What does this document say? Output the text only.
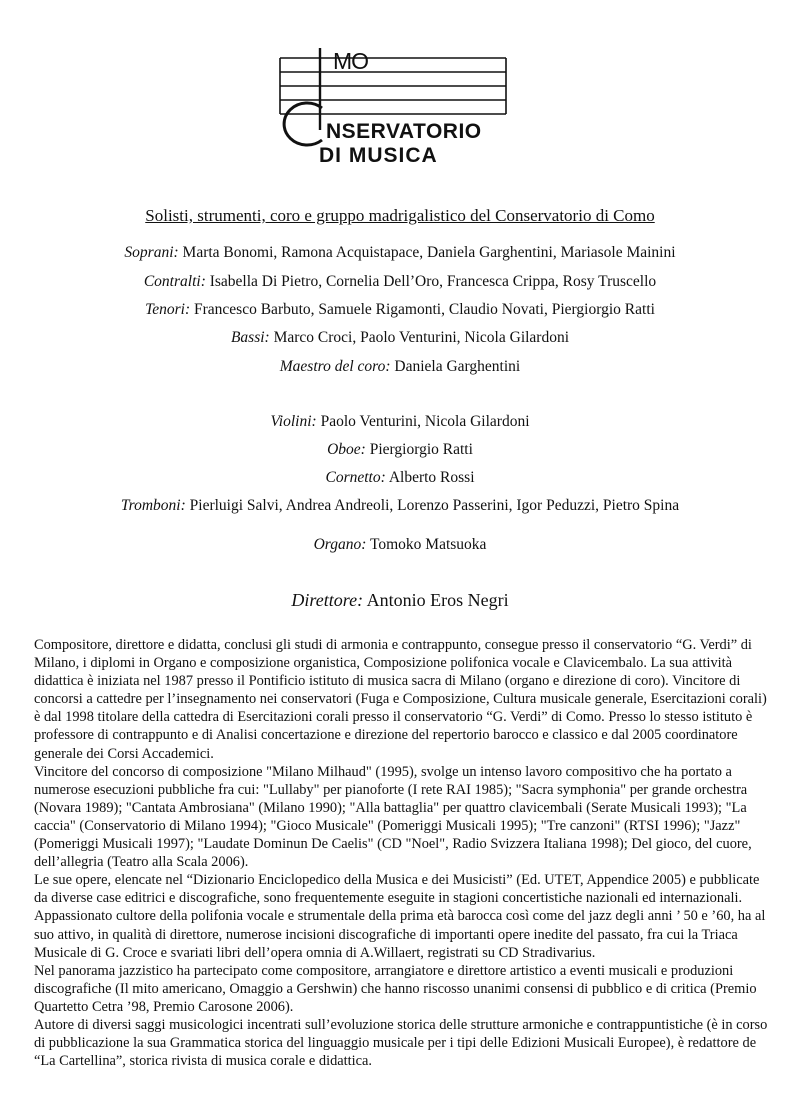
MO
NSERVATORIO
DI MUSICA
Solisti, strumenti, coro e gruppo madrigalistico del Conservatorio di Como
Soprani: Marta Bonomi, Ramona Acquistapace, Daniela Garghentini, Mariasole Mainini
Contralti: Isabella Di Pietro, Cornelia Dell’Oro, Francesca Crippa, Rosy Truscello
Tenori: Francesco Barbuto, Samuele Rigamonti, Claudio Novati, Piergiorgio Ratti
Bassi: Marco Croci, Paolo Venturini, Nicola Gilardoni
Maestro del coro: Daniela Garghentini
Violini: Paolo Venturini, Nicola Gilardoni
Oboe: Piergiorgio Ratti
Cornetto: Alberto Rossi
Tromboni: Pierluigi Salvi, Andrea Andreoli, Lorenzo Passerini, Igor Peduzzi, Pietro Spina
Organo: Tomoko Matsuoka
Direttore: Antonio Eros Negri

Compositore, direttore e didatta, conclusi gli studi di armonia e contrappunto, consegue presso il conservatorio “G. Verdi” di Milano, i diplomi in Organo e composizione organistica, Composizione polifonica vocale e Clavicembalo. La sua attività didattica è iniziata nel 1987 presso il Pontificio istituto di musica sacra di Milano (organo e direzione di coro). Vincitore di concorsi a cattedre per l’insegnamento nei conservatori (Fuga e Composizione, Cultura musicale generale, Esercitazioni corali) è dal 1998 titolare della cattedra di Esercitazioni corali presso il conservatorio “G. Verdi” di Como. Presso lo stesso istituto è professore di contrappunto e di Analisi concertazione e direzione del repertorio barocco e classico e dal 2005 coordinatore generale dei Corsi Accademici.

Vincitore del concorso di composizione "Milano Milhaud" (1995), svolge un intenso lavoro compositivo che ha portato a numerose esecuzioni pubbliche fra cui: "Lullaby" per pianoforte (I rete RAI 1985); "Sacra symphonia" per grande orchestra (Novara 1989); "Cantata Ambrosiana" (Milano 1990); "Alla battaglia" per quattro clavicembali (Serate Musicali 1993); "La caccia" (Conservatorio di Milano 1994); "Gioco Musicale" (Pomeriggi Musicali 1995); "Tre canzoni" (RTSI 1996); "Jazz" (Pomeriggi Musicali 1997); "Laudate Dominun De Caelis" (CD "Noel", Radio Svizzera Italiana 1998); Del gioco, del cuore, dell’allegria (Teatro alla Scala 2006).

Le sue opere, elencate nel “Dizionario Enciclopedico della Musica e dei Musicisti” (Ed. UTET, Appendice 2005) e pubblicate da diverse case editrici e discografiche, sono frequentemente eseguite in stagioni concertistiche nazionali ed internazionali.

Appassionato cultore della polifonia vocale e strumentale della prima età barocca così come del jazz degli anni ’ 50 e ’60, ha al suo attivo, in qualità di direttore, numerose incisioni discografiche di importanti opere inedite del passato, fra cui la Triaca Musicale di G. Croce e svariati libri dell’opera omnia di A.Willaert, registrati su CD Stradivarius.

Nel panorama jazzistico ha partecipato come compositore, arrangiatore e direttore artistico a eventi musicali e produzioni discografiche (Il mito americano, Omaggio a Gershwin) che hanno riscosso unanimi consensi di pubblico e di critica (Premio Quartetto Cetra ’98, Premio Carosone 2006).

Autore di diversi saggi musicologici incentrati sull’evoluzione storica delle strutture armoniche e contrappuntistiche (è in corso di pubblicazione la sua Grammatica storica del linguaggio musicale per i tipi delle Edizioni Musicali Europee), è redattore de “La Cartellina”, storica rivista di musica corale e didattica.
